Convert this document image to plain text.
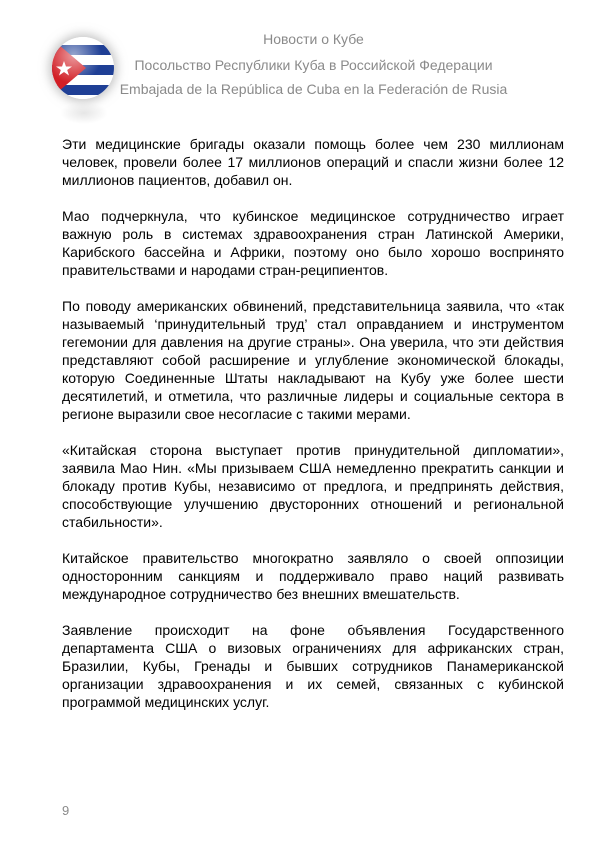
Новости о Кубе
Посольство Республики Куба в Российской Федерации
Embajada de la República de Cuba en la Federación de Rusia

Эти медицинские бригады оказали помощь более чем 230 миллионам человек, провели более 17 миллионов операций и спасли жизни более 12 миллионов пациентов, добавил он.

Мао подчеркнула, что кубинское медицинское сотрудничество играет важную роль в системах здравоохранения стран Латинской Америки, Карибского бассейна и Африки, поэтому оно было хорошо воспринято правительствами и народами стран-реципиентов.

По поводу американских обвинений, представительница заявила, что «так называемый ‘принудительный труд’ стал оправданием и инструментом гегемонии для давления на другие страны». Она уверила, что эти действия представляют собой расширение и углубление экономической блокады, которую Соединенные Штаты накладывают на Кубу уже более шести десятилетий, и отметила, что различные лидеры и социальные сектора в регионе выразили свое несогласие с такими мерами.

«Китайская сторона выступает против принудительной дипломатии», заявила Мао Нин. «Мы призываем США немедленно прекратить санкции и блокаду против Кубы, независимо от предлога, и предпринять действия, способствующие улучшению двусторонних отношений и региональной стабильности».

Китайское правительство многократно заявляло о своей оппозиции односторонним санкциям и поддерживало право наций развивать международное сотрудничество без внешних вмешательств.

Заявление происходит на фоне объявления Государственного департамента США о визовых ограничениях для африканских стран, Бразилии, Кубы, Гренады и бывших сотрудников Панамериканской организации здравоохранения и их семей, связанных с кубинской программой медицинских услуг.

9
